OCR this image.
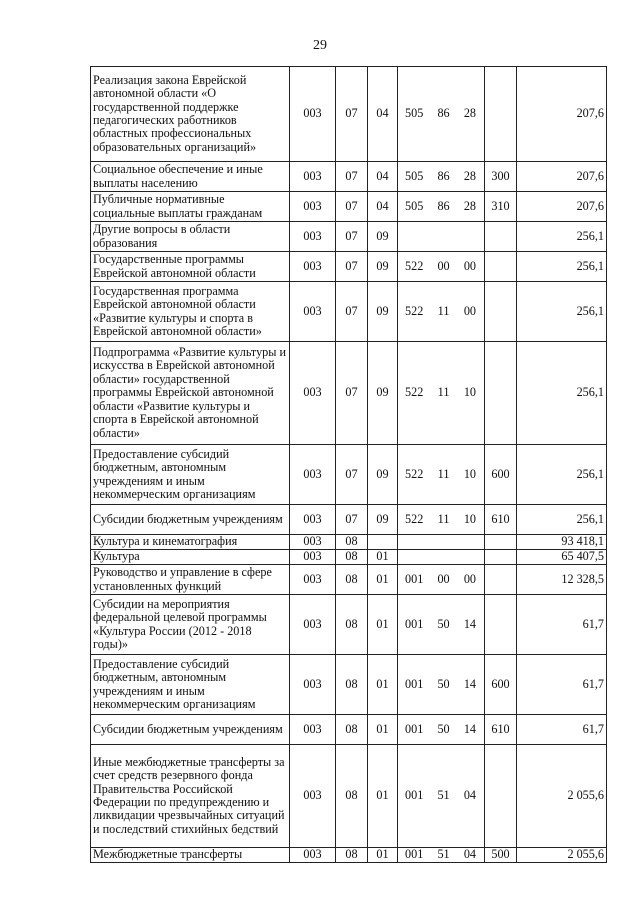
29
Реализация закона Еврейской автономной области «О государственной поддержке педагогических работников областных профессиональных образовательных организаций»	003	07	04	505 86 28		207,6
Социальное обеспечение и иные выплаты населению	003	07	04	505 86 28	300	207,6
Публичные нормативные социальные выплаты гражданам	003	07	04	505 86 28	310	207,6
Другие вопросы в области образования	003	07	09			256,1
Государственные программы Еврейской автономной области	003	07	09	522 00 00		256,1
Государственная программа Еврейской автономной области «Развитие культуры и спорта в Еврейской автономной области»	003	07	09	522 11 00		256,1
Подпрограмма «Развитие культуры и искусства в Еврейской автономной области» государственной программы Еврейской автономной области «Развитие культуры и спорта в Еврейской автономной области»	003	07	09	522 11 10		256,1
Предоставление субсидий бюджетным, автономным учреждениям и иным некоммерческим организациям	003	07	09	522 11 10	600	256,1
Субсидии бюджетным учреждениям	003	07	09	522 11 10	610	256,1
Культура и кинематография	003	08				93 418,1
Культура	003	08	01			65 407,5
Руководство и управление в сфере установленных функций	003	08	01	001 00 00		12 328,5
Субсидии на мероприятия федеральной целевой программы «Культура России (2012 - 2018 годы)»	003	08	01	001 50 14		61,7
Предоставление субсидий бюджетным, автономным учреждениям и иным некоммерческим организациям	003	08	01	001 50 14	600	61,7
Субсидии бюджетным учреждениям	003	08	01	001 50 14	610	61,7
Иные межбюджетные трансферты за счет средств резервного фонда Правительства Российской Федерации по предупреждению и ликвидации чрезвычайных ситуаций и последствий стихийных бедствий	003	08	01	001 51 04		2 055,6
Межбюджетные трансферты	003	08	01	001 51 04	500	2 055,6
